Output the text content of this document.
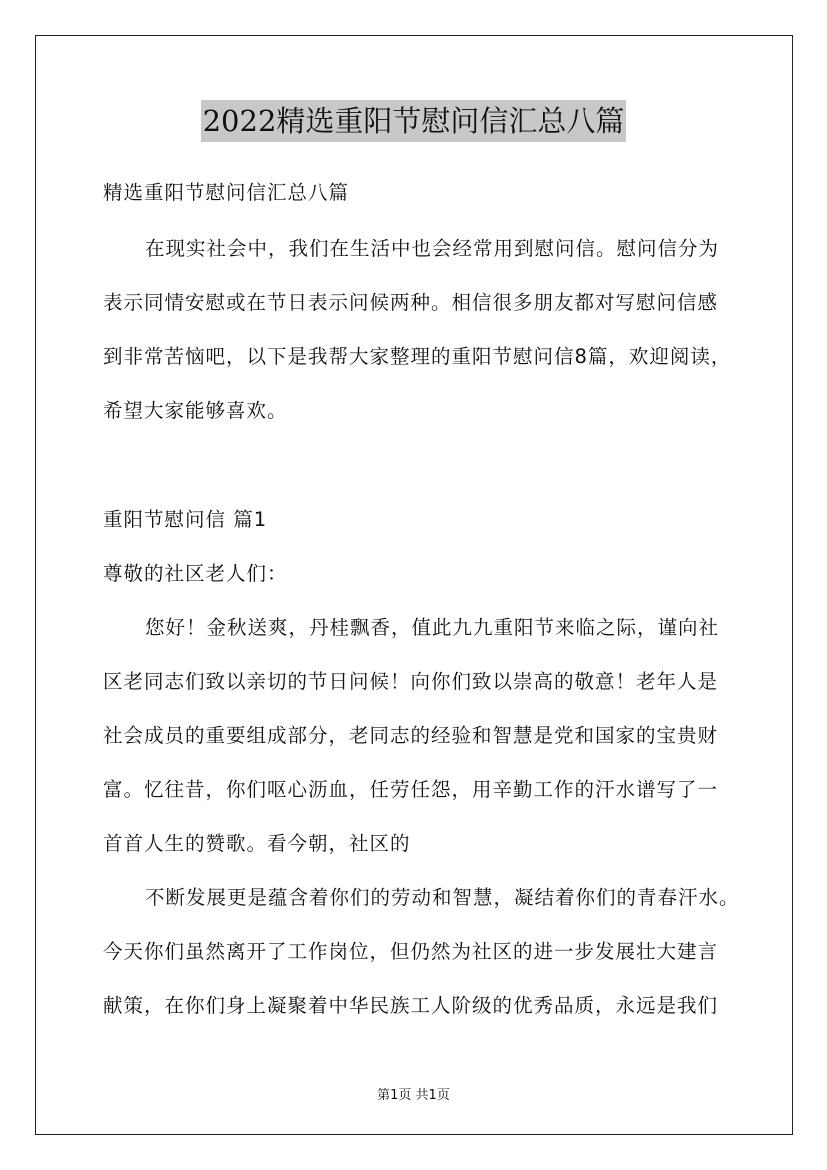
2022精选重阳节慰问信汇总八篇
精选重阳节慰问信汇总八篇
在现实社会中，我们在生活中也会经常用到慰问信。慰问信分为
表示同情安慰或在节日表示问候两种。相信很多朋友都对写慰问信感
到非常苦恼吧，以下是我帮大家整理的重阳节慰问信8篇，欢迎阅读，
希望大家能够喜欢。
重阳节慰问信 篇1
尊敬的社区老人们：
您好！金秋送爽，丹桂飘香，值此九九重阳节来临之际，谨向社
区老同志们致以亲切的节日问候！向你们致以崇高的敬意！老年人是
社会成员的重要组成部分，老同志的经验和智慧是党和国家的宝贵财
富。忆往昔，你们呕心沥血，任劳任怨，用辛勤工作的汗水谱写了一
首首人生的赞歌。看今朝，社区的
不断发展更是蕴含着你们的劳动和智慧，凝结着你们的青春汗水。
今天你们虽然离开了工作岗位，但仍然为社区的进一步发展壮大建言
献策，在你们身上凝聚着中华民族工人阶级的优秀品质，永远是我们
第1页 共1页
